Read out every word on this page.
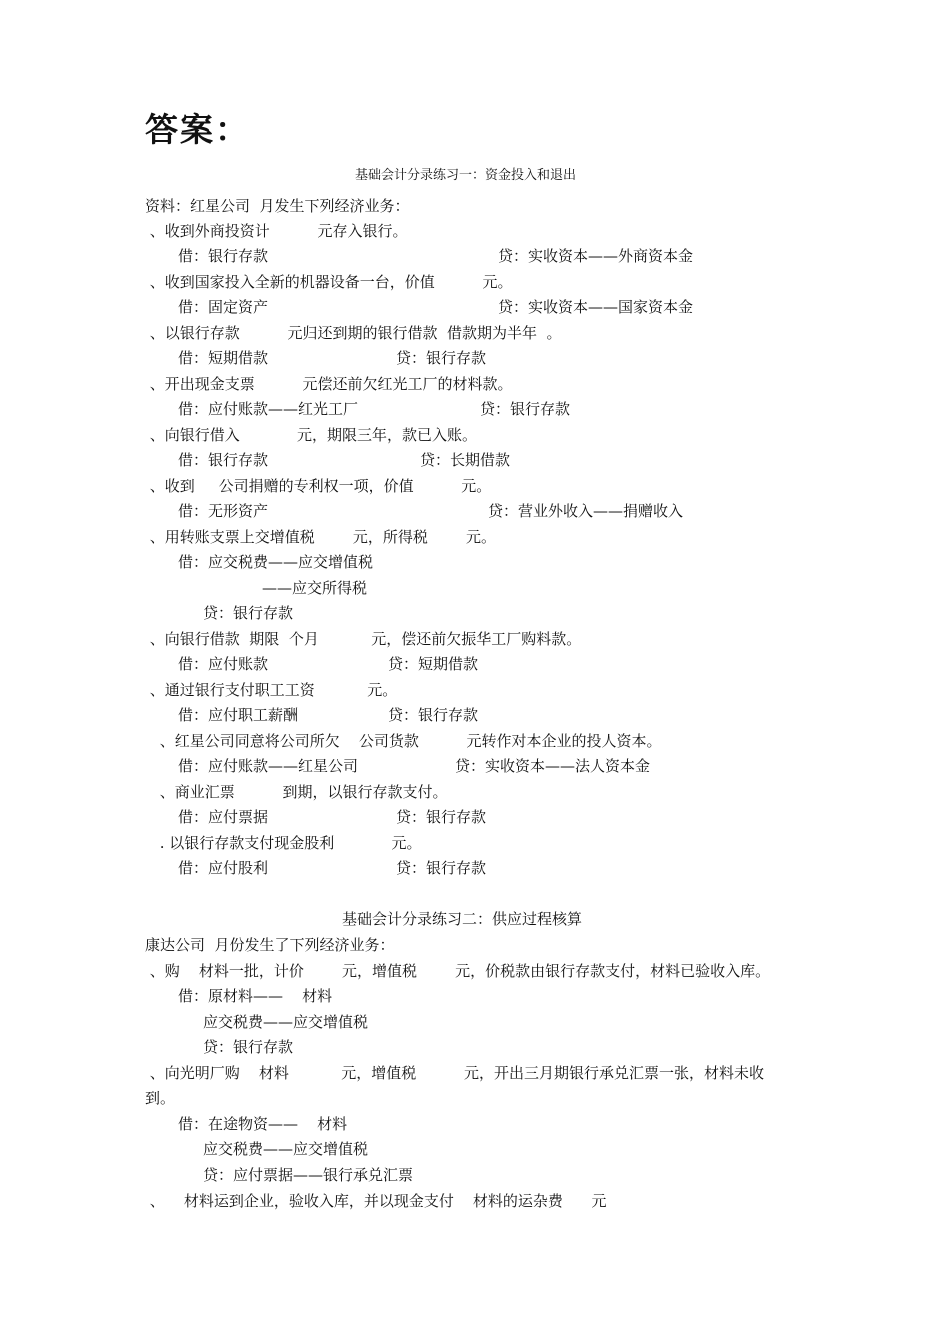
答案：
基础会计分录练习一：资金投入和退出
资料：红星公司  月发生下列经济业务：
、收到外商投资计          元存入银行。
借：银行存款	贷：实收资本——外商资本金
、收到国家投入全新的机器设备一台，价值          元。
借：固定资产	贷：实收资本——国家资本金
、以银行存款          元归还到期的银行借款  借款期为半年  。
借：短期借款	贷：银行存款
、开出现金支票          元偿还前欠红光工厂的材料款。
借：应付账款——红光工厂	贷：银行存款
、向银行借入            元，期限三年，款已入账。
借：银行存款	贷：长期借款
、收到     公司捐赠的专利权一项，价值          元。
借：无形资产	贷：营业外收入——捐赠收入
、用转账支票上交增值税        元，所得税        元。
借：应交税费——应交增值税
——应交所得税
贷：银行存款
、向银行借款  期限  个月           元，偿还前欠振华工厂购料款。
借：应付账款	贷：短期借款
、通过银行支付职工工资           元。
借：应付职工薪酬	贷：银行存款
、红星公司同意将公司所欠    公司货款          元转作对本企业的投人资本。
借：应付账款——红星公司	贷：实收资本——法人资本金
、商业汇票          到期，以银行存款支付。
借：应付票据	贷：银行存款
. 以银行存款支付现金股利            元。
借：应付股利	贷：银行存款
基础会计分录练习二：供应过程核算
康达公司  月份发生了下列经济业务：
、购    材料一批，计价        元，增值税        元，价税款由银行存款支付，材料已验收入库。
借：原材料——    材料
应交税费——应交增值税
贷：银行存款
、向光明厂购    材料           元，增值税          元，开出三月期银行承兑汇票一张，材料未收
到。
借：在途物资——    材料
应交税费——应交增值税
贷：应付票据——银行承兑汇票
、    材料运到企业，验收入库，并以现金支付    材料的运杂费      元
